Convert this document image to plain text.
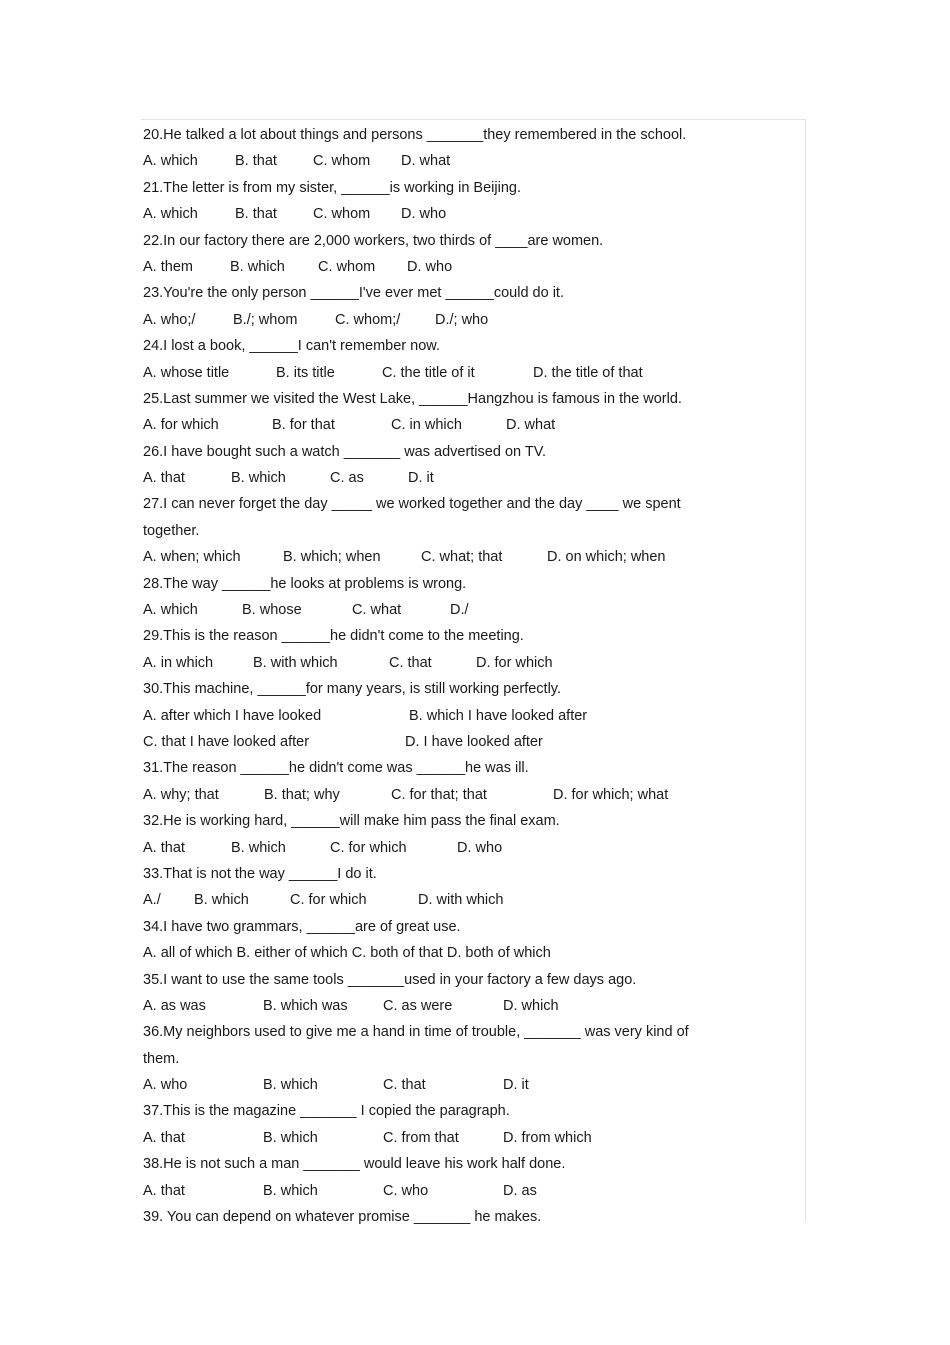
20.He talked a lot about things and persons _______they remembered in the school.
A. which	B. that C. whom D. what
21.The letter is from my sister, ______is working in Beijing.
A. which	B. that C. whom D. who
22.In our factory there are 2,000 workers, two thirds of ____are women.
A. them	B. which C. whom D. who
23.You're the only person ______I've ever met ______could do it.
A. who;/	B./; whom	C. whom;/ D./; who
24.I lost a book, ______I can't remember now.
A. whose title	B. its title	C. the title of it	D. the title of that
25.Last summer we visited the West Lake, ______Hangzhou is famous in the world.
A. for which	B. for that	C. in which	D. what
26.I have bought such a watch _______ was advertised on TV.
A. that	B. which	C. as	D. it
27.I can never forget the day _____ we worked together and the day ____ we spent
together.
A. when; which	B. which; when	C. what; that	D. on which; when
28.The way ______he looks at problems is wrong.
A. which	B. whose	C. what	D./
29.This is the reason ______he didn't come to the meeting.
A. in which	B. with which	C. that	D. for which
30.This machine, ______for many years, is still working perfectly.
A. after which I have looked	B. which I have looked after
C. that I have looked after	D. I have looked after
31.The reason ______he didn't come was ______he was ill.
A. why; that	B. that; why	C. for that; that	D. for which; what
32.He is working hard, ______will make him pass the final exam.
A. that	B. which	C. for which	D. who
33.That is not the way ______I do it.
A./ B. which	C. for which	D. with which
34.I have two grammars, ______are of great use.
A. all of which B. either of which C. both of that D. both of which
35.I want to use the same tools _______used in your factory a few days ago.
A. as was	B. which was C. as were	D. which
36.My neighbors used to give me a hand in time of trouble, _______ was very kind of
them.
A. who	B. which	C. that	D. it
37.This is the magazine _______ I copied the paragraph.
A. that	B. which	C. from that	D. from which
38.He is not such a man _______ would leave his work half done.
A. that	B. which	C. who	D. as
39. You can depend on whatever promise _______ he makes.
